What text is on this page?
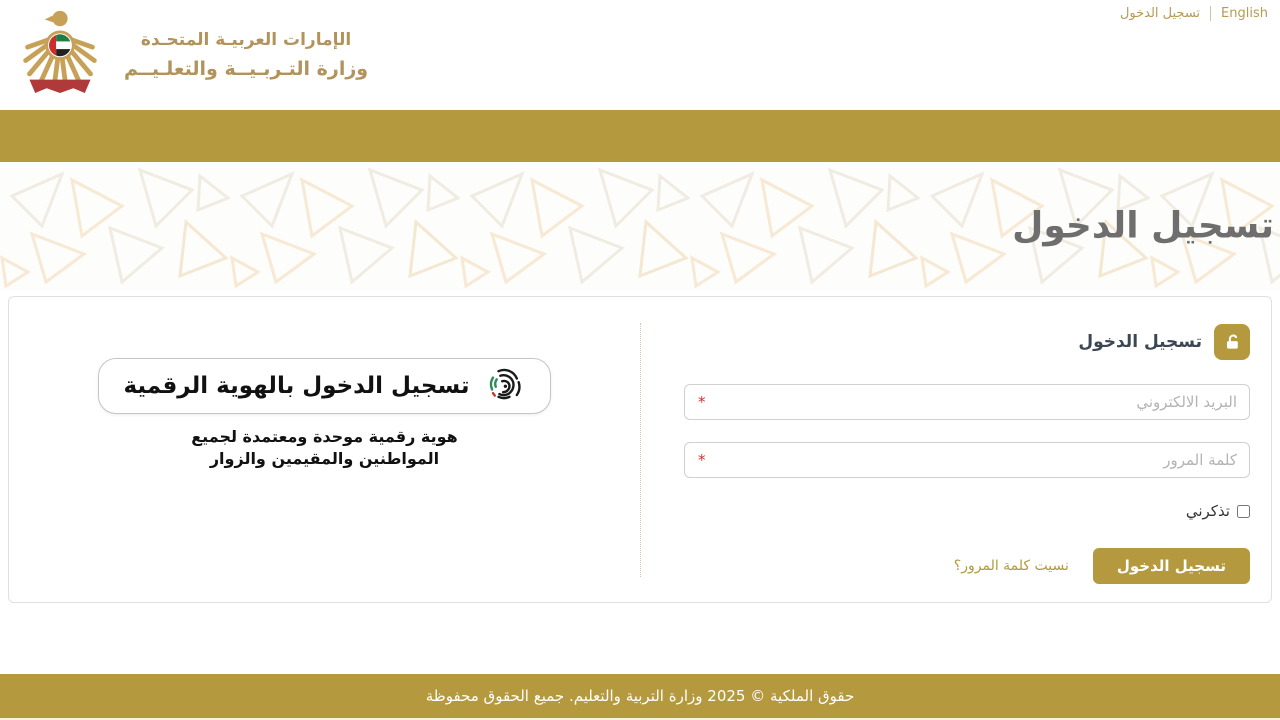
الإمارات العربيـة المتحـدة
وزارة التـربـيــة والتعلـيــم
تسجيل الدخول English
تسجيل الدخول
تسجيل الدخول
البريد الالكتروني
*
*
تذكرني
تسجيل الدخول
نسيت كلمة المرور؟
تسجيل الدخول بالهوية الرقمية
هوية رقمية موحدة ومعتمدة لجميع
المواطنين والمقيمين والزوار
حقوق الملكية © 2025 وزارة التربية والتعليم. جميع الحقوق محفوظة
